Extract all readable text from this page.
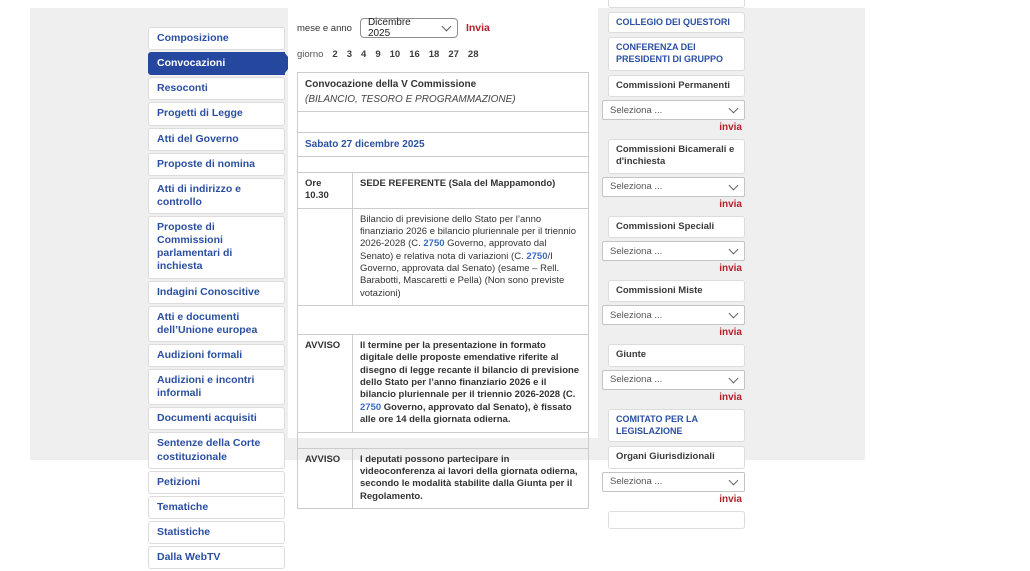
Composizione
Convocazioni
Resoconti
Progetti di Legge
Atti del Governo
Proposte di nomina
Atti di indirizzo e controllo
Proposte di Commissioni parlamentari di inchiesta
Indagini Conoscitive
Atti e documenti dell’Unione europea
Audizioni formali
Audizioni e incontri informali
Documenti acquisiti
Sentenze della Corte costituzionale
Petizioni
Tematiche
Statistiche
Dalla WebTV
mese e anno Dicembre 2025	Invia
giorno 2 3 4 9 10 16 18 27 28
Convocazione della V Commissione
(BILANCIO, TESORO E PROGRAMMAZIONE)	

Sabato 27 dicembre 2025	

Ore 10.30	SEDE REFERENTE (Sala del Mappamondo)
	Bilancio di previsione dello Stato per l’anno finanziario 2026 e bilancio pluriennale per il triennio 2026-2028 (C. 2750 Governo, approvato dal Senato) e relativa nota di variazioni (C. 2750/I Governo, approvata dal Senato) (esame – Rell. Barabotti, Mascaretti e Pella) (Non sono previste votazioni)

AVVISO	Il termine per la presentazione in formato digitale delle proposte emendative riferite al disegno di legge recante il bilancio di previsione dello Stato per l’anno finanziario 2026 e il bilancio pluriennale per il triennio 2026-2028 (C. 2750 Governo, approvato dal Senato), è fissato alle ore 14 della giornata odierna.

AVVISO	I deputati possono partecipare in videoconferenza ai lavori della giornata odierna, secondo le modalità stabilite dalla Giunta per il Regolamento.
COLLEGIO DEI QUESTORI
CONFERENZA DEI PRESIDENTI DI GRUPPO
Commissioni Permanenti
Seleziona ...
invia
Commissioni Bicamerali e d'inchiesta
Seleziona ...
invia
Commissioni Speciali
Seleziona ...
invia
Commissioni Miste
Seleziona ...
invia
Giunte
Seleziona ...
invia
COMITATO PER LA LEGISLAZIONE
Organi Giurisdizionali
Seleziona ...
invia
